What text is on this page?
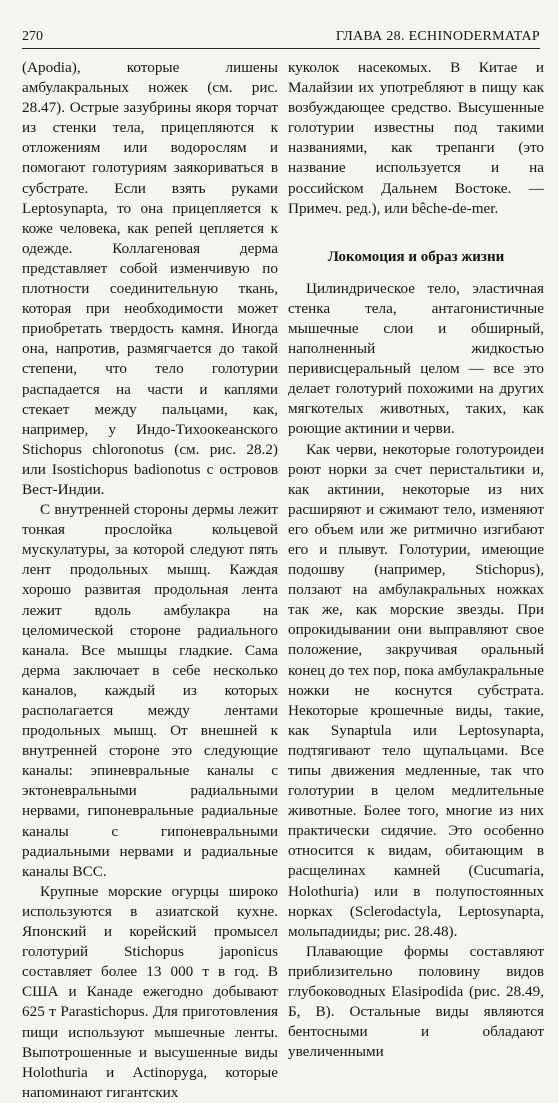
270	ГЛАВА 28. ECHINODERMATAP

(Apodia), которые лишены амбулакральных ножек (см. рис. 28.47). Острые зазубрины якоря торчат из стенки тела, прицепляются к отложениям или водорослям и помогают голотуриям заякориваться в субстрате. Если взять руками Leptosynapta, то она прицепляется к коже человека, как репей цепляется к одежде. Коллагеновая дерма представляет собой изменчивую по плотности соединительную ткань, которая при необходимости может приобретать твердость камня. Иногда она, напротив, размягчается до такой степени, что тело голотурии распадается на части и каплями стекает между пальцами, как, например, у Индо-Тихоокеанского Stichopus chloronotus (см. рис. 28.2) или Isostichopus badionotus с островов Вест-Индии.

С внутренней стороны дермы лежит тонкая прослойка кольцевой мускулатуры, за которой следуют пять лент продольных мышц. Каждая хорошо развитая продольная лента лежит вдоль амбулакра на целомической стороне радиального канала. Все мышцы гладкие. Сама дерма заключает в себе несколько каналов, каждый из которых располагается между лентами продольных мышц. От внешней к внутренней стороне это следующие каналы: эпиневральные каналы с эктоневральными радиальными нервами, гипоневральные радиальные каналы с гипоневральными радиальными нервами и радиальные каналы ВСС.

Крупные морские огурцы широко используются в азиатской кухне. Японский и корейский промысел голотурий Stichopus japonicus составляет более 13 000 т в год. В США и Канаде ежегодно добывают 625 т Parastichopus. Для приготовления пищи используют мышечные ленты. Выпотрошенные и высушенные виды Holothuria и Actinopyga, которые напоминают гигантских

куколок насекомых. В Китае и Малайзии их употребляют в пищу как возбуждающее средство. Высушенные голотурии известны под такими названиями, как трепанги (это название используется и на российском Дальнем Востоке. — Примеч. ред.), или bêche-de-mer.

Локомоция и образ жизни

Цилиндрическое тело, эластичная стенка тела, антагонистичные мышечные слои и обширный, наполненный жидкостью перивисцеральный целом — все это делает голотурий похожими на других мягкотелых животных, таких, как роющие актинии и черви.

Как черви, некоторые голотуроидеи роют норки за счет перистальтики и, как актинии, некоторые из них расширяют и сжимают тело, изменяют его объем или же ритмично изгибают его и плывут. Голотурии, имеющие подошву (например, Stichopus), ползают на амбулакральных ножках так же, как морские звезды. При опрокидывании они выправляют свое положение, закручивая оральный конец до тех пор, пока амбулакральные ножки не коснутся субстрата. Некоторые крошечные виды, такие, как Synaptula или Leptosynapta, подтягивают тело щупальцами. Все типы движения медленные, так что голотурии в целом медлительные животные. Более того, многие из них практически сидячие. Это особенно относится к видам, обитающим в расщелинах камней (Cucumaria, Holothuria) или в полупостоянных норках (Sclerodactyla, Leptosynapta, мольпадииды; рис. 28.48).

Плавающие формы составляют приблизительно половину видов глубоководных Elasipodida (рис. 28.49, Б, В). Остальные виды являются бентосными и обладают увеличенными
